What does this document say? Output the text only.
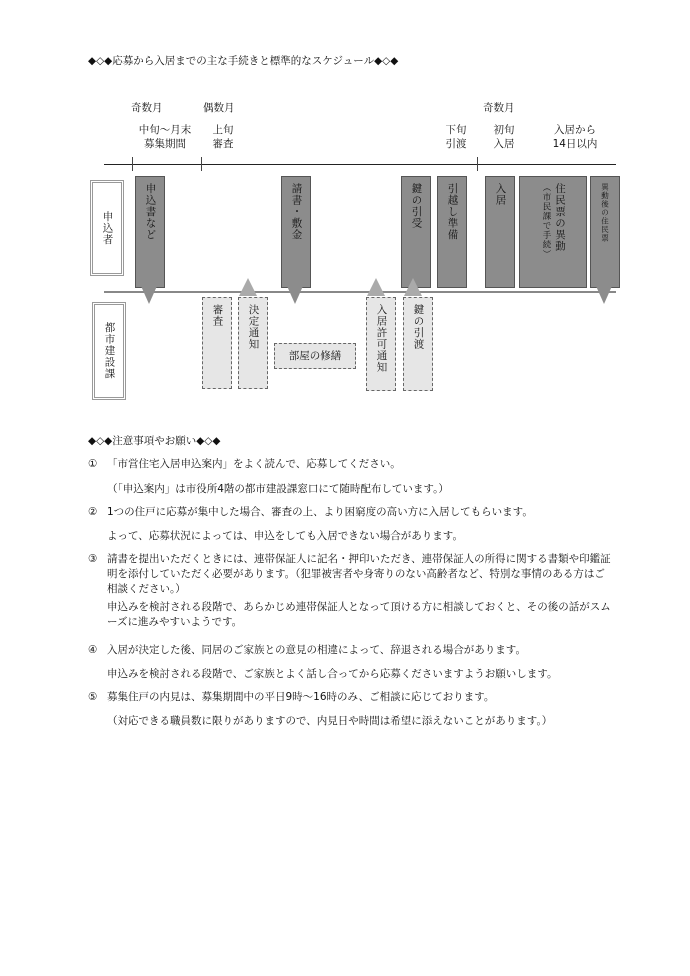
◆◇◆応募から入居までの主な手続きと標準的なスケジュール◆◇◆
奇数月	偶数月	奇数月
中旬～月末
募集期間
上旬
審査
下旬
引渡
初旬
入居
入居から
14日以内
申込者
都市建設課
申込書など	請書・敷金	鍵の引受 引越し準備	入居	住民票の異動
（市民課で手続）	異動後の住民票
審査 決定通知
部屋の修繕	入居許可通知 鍵の引渡
◆◇◆注意事項やお願い◆◇◆
① 「市営住宅入居申込案内」をよく読んで、応募してください。
（「申込案内」は市役所4階の都市建設課窓口にて随時配布しています。）
② 1つの住戸に応募が集中した場合、審査の上、より困窮度の高い方に入居してもらいます。
よって、応募状況によっては、申込をしても入居できない場合があります。
③ 請書を提出いただくときには、連帯保証人に記名・押印いただき、連帯保証人の所得に関する書類や印鑑証明を添付していただく必要があります。（犯罪被害者や身寄りのない高齢者など、特別な事情のある方はご相談ください。）
申込みを検討される段階で、あらかじめ連帯保証人となって頂ける方に相談しておくと、その後の話がスムーズに進みやすいようです。
④ 入居が決定した後、同居のご家族との意見の相違によって、辞退される場合があります。
申込みを検討される段階で、ご家族とよく話し合ってから応募くださいますようお願いします。
⑤ 募集住戸の内見は、募集期間中の平日9時～16時のみ、ご相談に応じております。
（対応できる職員数に限りがありますので、内見日や時間は希望に添えないことがあります。）
